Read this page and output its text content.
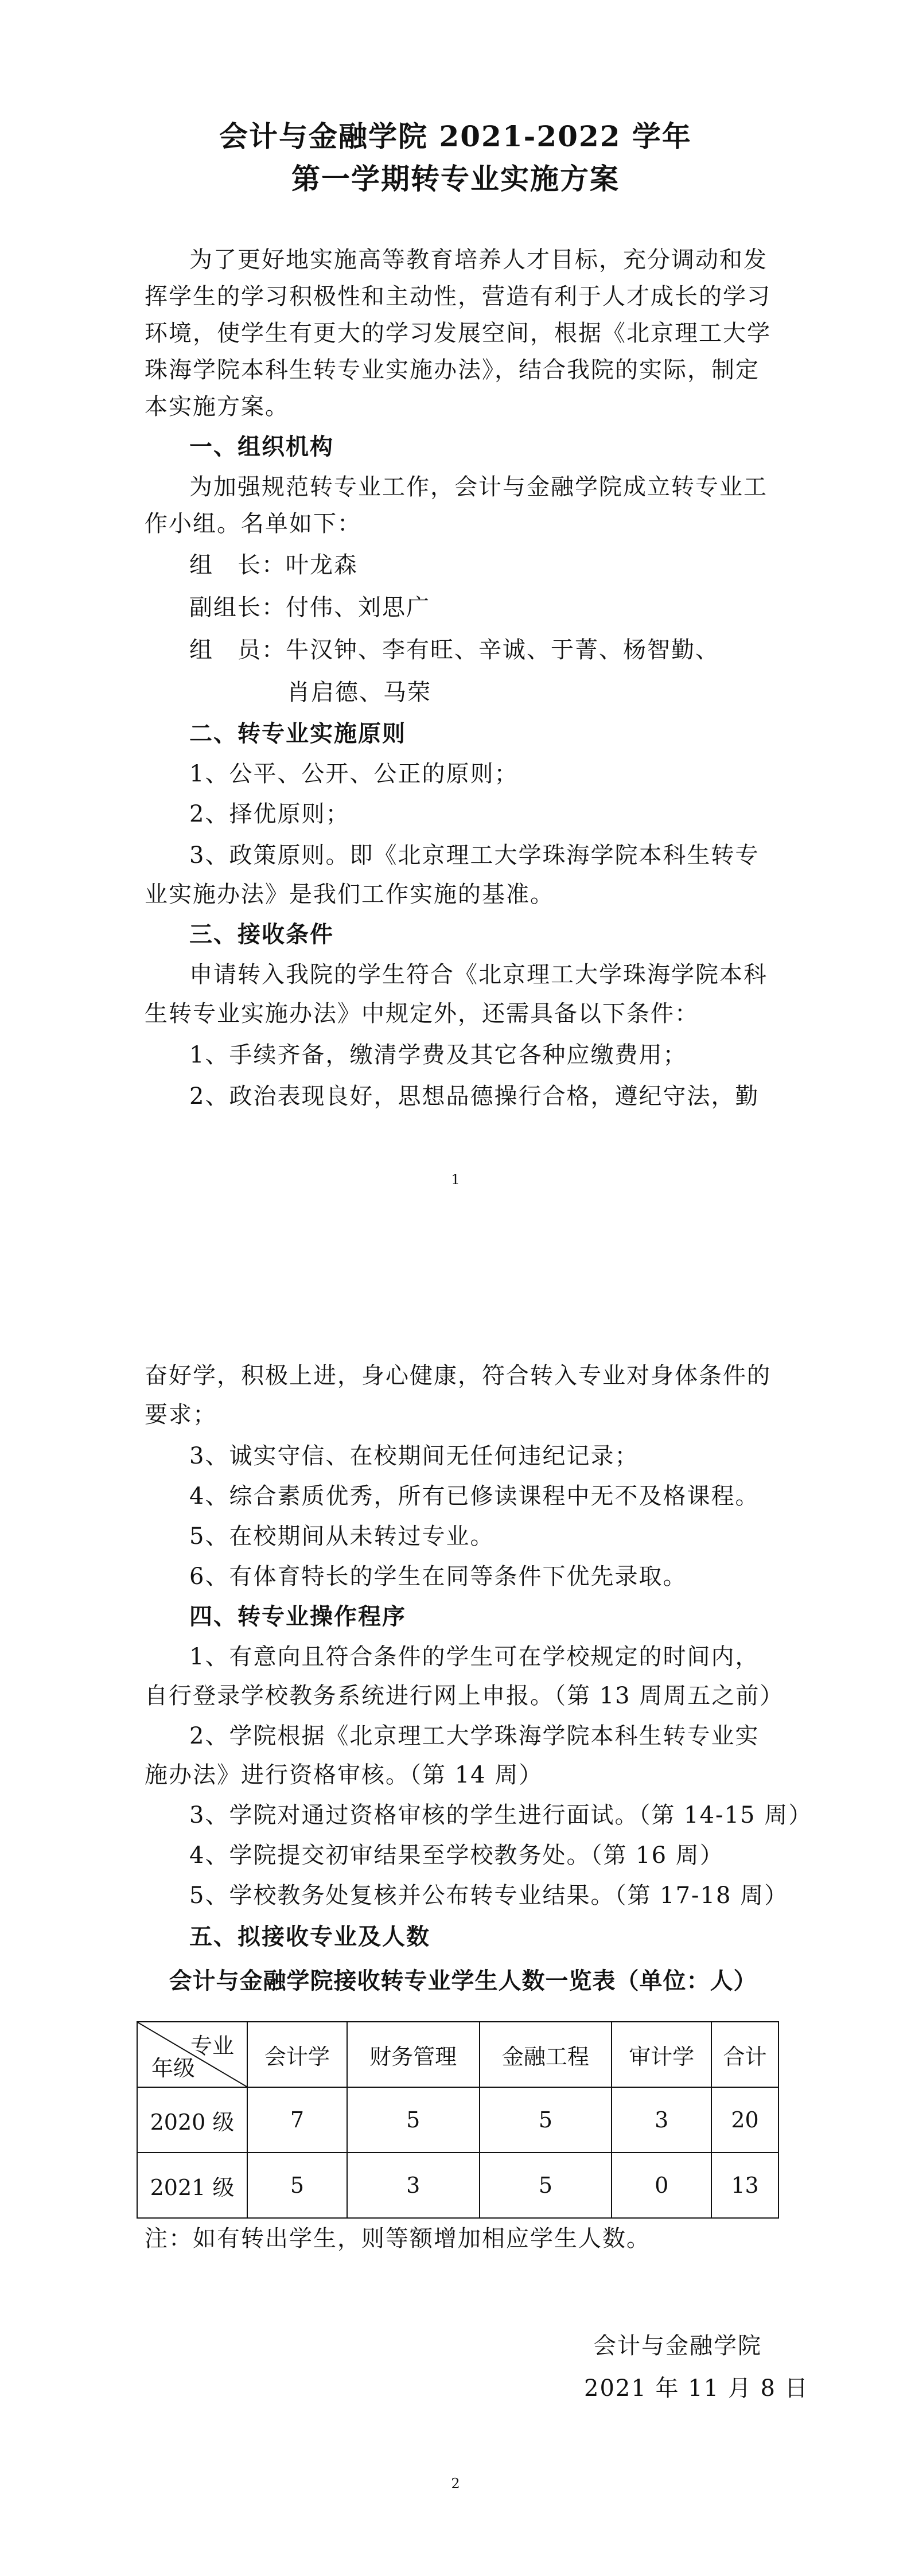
会计与金融学院 2021-2022 学年
第一学期转专业实施方案
为了更好地实施高等教育培养人才目标，充分调动和发
挥学生的学习积极性和主动性，营造有利于人才成长的学习
环境，使学生有更大的学习发展空间，根据《北京理工大学
珠海学院本科生转专业实施办法》，结合我院的实际，制定
本实施方案。
一、组织机构
为加强规范转专业工作，会计与金融学院成立转专业工
作小组。名单如下：
组　长：叶龙森
副组长：付伟、刘思广
组　员：牛汉钟、李有旺、辛诚、于菁、杨智勤、
肖启德、马荣
二、转专业实施原则
1、公平、公开、公正的原则；
2、择优原则；
3、政策原则。即《北京理工大学珠海学院本科生转专
业实施办法》是我们工作实施的基准。
三、接收条件
申请转入我院的学生符合《北京理工大学珠海学院本科
生转专业实施办法》中规定外，还需具备以下条件：
1、手续齐备，缴清学费及其它各种应缴费用；
2、政治表现良好，思想品德操行合格，遵纪守法，勤
1
奋好学，积极上进，身心健康，符合转入专业对身体条件的
要求；
3、诚实守信、在校期间无任何违纪记录；
4、综合素质优秀，所有已修读课程中无不及格课程。
5、在校期间从未转过专业。
6、有体育特长的学生在同等条件下优先录取。
四、转专业操作程序
1、有意向且符合条件的学生可在学校规定的时间内，
自行登录学校教务系统进行网上申报。（第 13 周周五之前）
2、学院根据《北京理工大学珠海学院本科生转专业实
施办法》进行资格审核。（第 14 周）
3、学院对通过资格审核的学生进行面试。（第 14-15 周）
4、学院提交初审结果至学校教务处。（第 16 周）
5、学校教务处复核并公布转专业结果。（第 17-18 周）
五、拟接收专业及人数
会计与金融学院接收转专业学生人数一览表（单位：人）
专业
年级	会计学	财务管理	金融工程	审计学	合计
2020 级	7	5	5	3	20
2021 级	5	3	5	0	13
注：如有转出学生，则等额增加相应学生人数。
会计与金融学院
2021 年 11 月 8 日
2
